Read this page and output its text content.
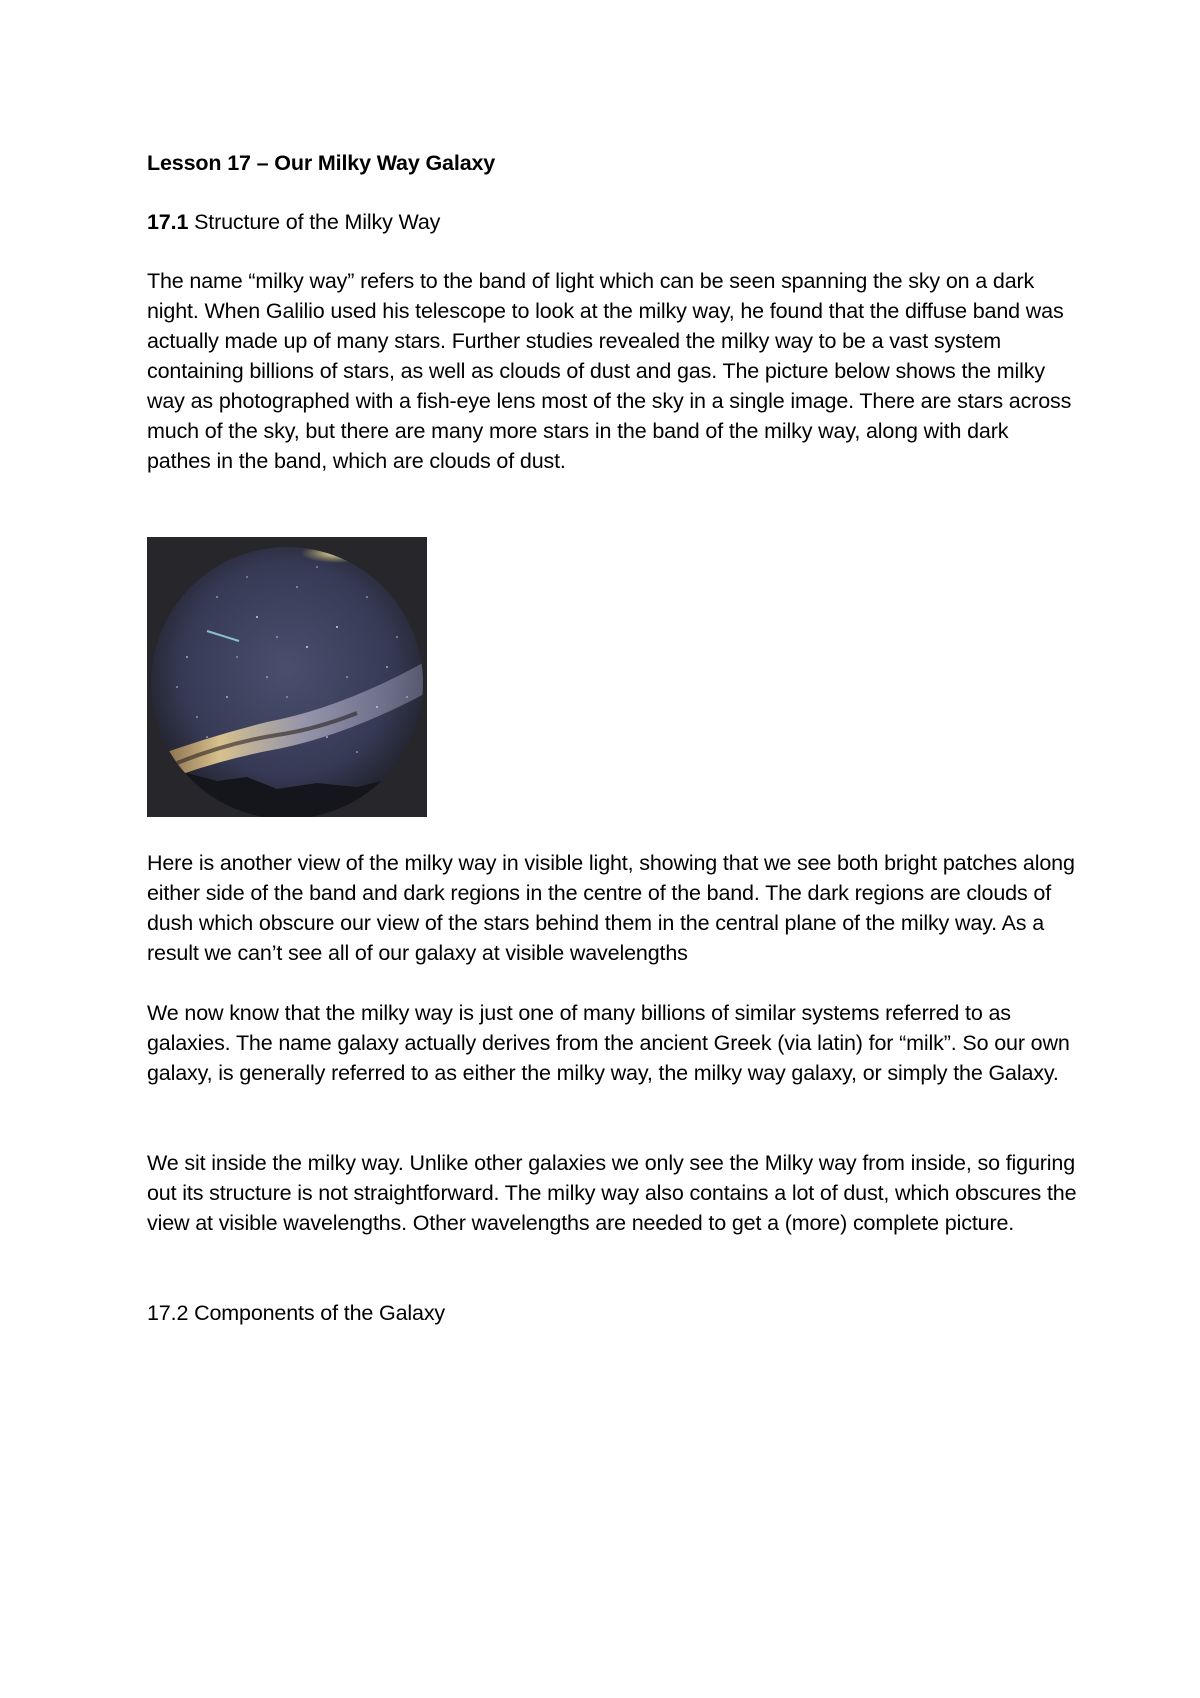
Lesson 17 – Our Milky Way Galaxy

17.1 Structure of the Milky Way

The name “milky way” refers to the band of light which can be seen spanning the sky on a dark night. When Galilio used his telescope to look at the milky way, he found that the diffuse band was actually made up of many stars. Further studies revealed the milky way to be a vast system containing billions of stars, as well as clouds of dust and gas. The picture below shows the milky way as photographed with a fish-eye lens most of the sky in a single image. There are stars across much of the sky, but there are many more stars in the band of the milky way, along with dark pathes in the band, which are clouds of dust.

Here is another view of the milky way in visible light, showing that we see both bright patches along either side of the band and dark regions in the centre of the band. The dark regions are clouds of dush which obscure our view of the stars behind them in the central plane of the milky way. As a result we can’t see all of our galaxy at visible wavelengths

We now know that the milky way is just one of many billions of similar systems referred to as galaxies. The name galaxy actually derives from the ancient Greek (via latin) for “milk”. So our own galaxy, is generally referred to as either the milky way, the milky way galaxy, or simply the Galaxy.

We sit inside the milky way. Unlike other galaxies we only see the Milky way from inside, so figuring out its structure is not straightforward. The milky way also contains a lot of dust, which obscures the view at visible wavelengths. Other wavelengths are needed to get a (more) complete picture.

17.2 Components of the Galaxy
